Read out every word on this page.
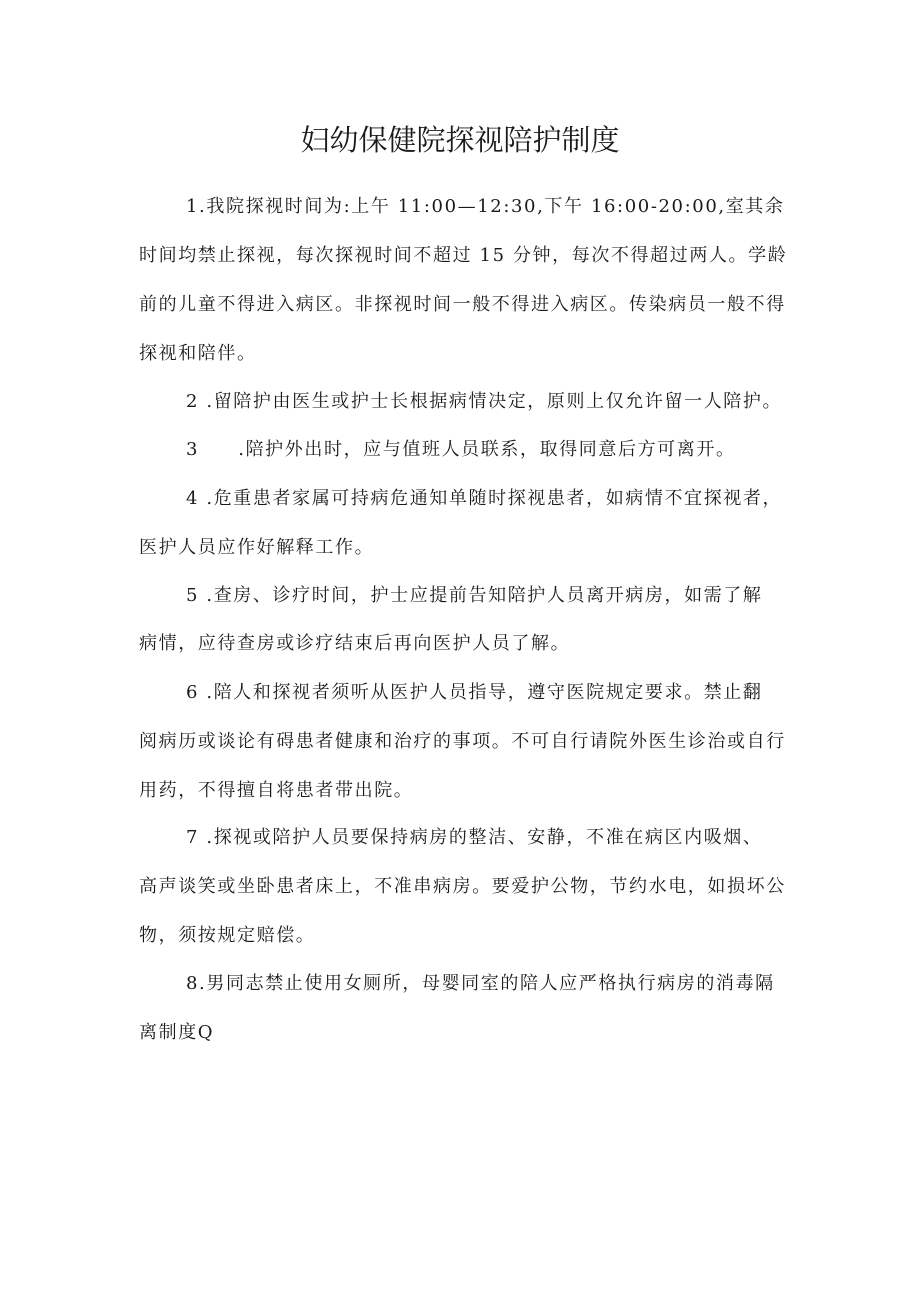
妇幼保健院探视陪护制度
1.我院探视时间为:上午 11:00—12:30,下午 16:00-20:00,室其余
时间均禁止探视，每次探视时间不超过 15 分钟，每次不得超过两人。学龄
前的儿童不得进入病区。非探视时间一般不得进入病区。传染病员一般不得
探视和陪伴。
2 .留陪护由医生或护士长根据病情决定，原则上仅允许留一人陪护。
3　　.陪护外出时，应与值班人员联系，取得同意后方可离开。
4 .危重患者家属可持病危通知单随时探视患者，如病情不宜探视者，
医护人员应作好解释工作。
5 .查房、诊疗时间，护士应提前告知陪护人员离开病房，如需了解
病情，应待查房或诊疗结束后再向医护人员了解。
6 .陪人和探视者须听从医护人员指导，遵守医院规定要求。禁止翻
阅病历或谈论有碍患者健康和治疗的事项。不可自行请院外医生诊治或自行
用药，不得擅自将患者带出院。
7 .探视或陪护人员要保持病房的整洁、安静，不准在病区内吸烟、
高声谈笑或坐卧患者床上，不准串病房。要爱护公物，节约水电，如损坏公
物，须按规定赔偿。
8.男同志禁止使用女厕所，母婴同室的陪人应严格执行病房的消毒隔
离制度Q
